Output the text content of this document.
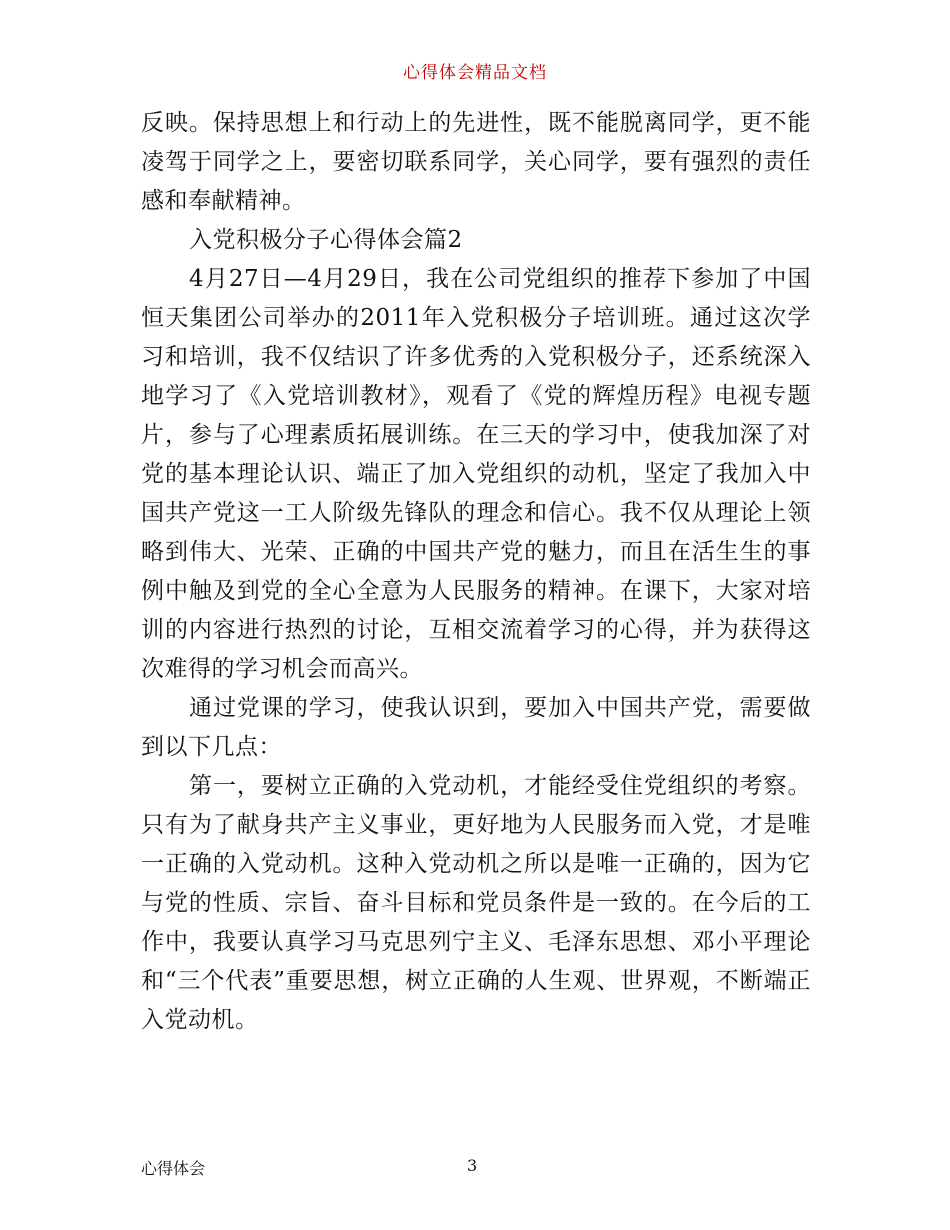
心得体会精品文档

反映。保持思想上和行动上的先进性，既不能脱离同学，更不能凌驾于同学之上，要密切联系同学，关心同学，要有强烈的责任感和奉献精神。

入党积极分子心得体会篇2

4月27日—4月29日，我在公司党组织的推荐下参加了中国恒天集团公司举办的2011年入党积极分子培训班。通过这次学习和培训，我不仅结识了许多优秀的入党积极分子，还系统深入地学习了《入党培训教材》，观看了《党的辉煌历程》电视专题片，参与了心理素质拓展训练。在三天的学习中，使我加深了对党的基本理论认识、端正了加入党组织的动机，坚定了我加入中国共产党这一工人阶级先锋队的理念和信心。我不仅从理论上领略到伟大、光荣、正确的中国共产党的魅力，而且在活生生的事例中触及到党的全心全意为人民服务的精神。在课下，大家对培训的内容进行热烈的讨论，互相交流着学习的心得，并为获得这次难得的学习机会而高兴。

通过党课的学习，使我认识到，要加入中国共产党，需要做到以下几点：

第一，要树立正确的入党动机，才能经受住党组织的考察。只有为了献身共产主义事业，更好地为人民服务而入党，才是唯一正确的入党动机。这种入党动机之所以是唯一正确的，因为它与党的性质、宗旨、奋斗目标和党员条件是一致的。在今后的工作中，我要认真学习马克思列宁主义、毛泽东思想、邓小平理论和“三个代表”重要思想，树立正确的人生观、世界观，不断端正入党动机。

心得体会	3
